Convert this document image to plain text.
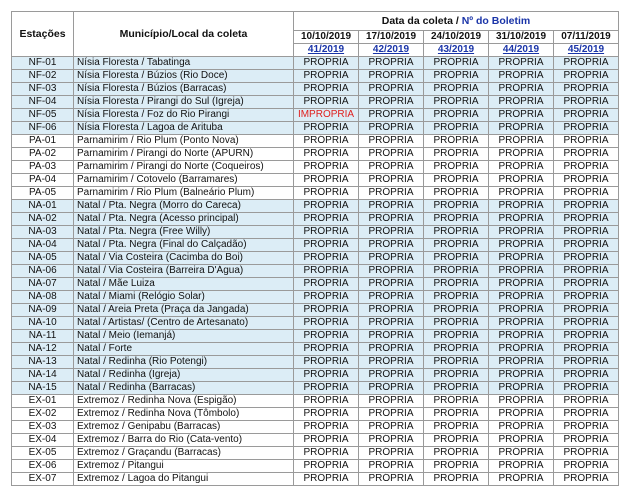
Estações	Município/Local da coleta	Data da coleta / Nº do Boletim				
		10/10/2019	17/10/2019	24/10/2019	31/10/2019	07/11/2019
		41/2019	42/2019	43/2019	44/2019	45/2019
NF-01	Nísia Floresta / Tabatinga	PRÓPRIA	PRÓPRIA	PRÓPRIA	PRÓPRIA	PRÓPRIA
NF-02	Nísia Floresta / Búzios (Rio Doce)	PRÓPRIA	PRÓPRIA	PRÓPRIA	PRÓPRIA	PRÓPRIA
NF-03	Nísia Floresta / Búzios (Barracas)	PRÓPRIA	PRÓPRIA	PRÓPRIA	PRÓPRIA	PRÓPRIA
NF-04	Nísia Floresta / Pirangi do Sul (Igreja)	PRÓPRIA	PRÓPRIA	PRÓPRIA	PRÓPRIA	PRÓPRIA
NF-05	Nísia Floresta / Foz do Rio Pirangi	IMPRÓPRIA	PRÓPRIA	PRÓPRIA	PRÓPRIA	PRÓPRIA
NF-06	Nísia Floresta / Lagoa de Arituba	PRÓPRIA	PRÓPRIA	PRÓPRIA	PRÓPRIA	PRÓPRIA
PA-01	Parnamirim / Rio Plum (Ponto Nova)	PRÓPRIA	PRÓPRIA	PRÓPRIA	PRÓPRIA	PRÓPRIA
PA-02	Parnamirim / Pirangi do Norte (APURN)	PRÓPRIA	PRÓPRIA	PRÓPRIA	PRÓPRIA	PRÓPRIA
PA-03	Parnamirim / Pirangi do Norte (Coqueiros)	PRÓPRIA	PRÓPRIA	PRÓPRIA	PRÓPRIA	PRÓPRIA
PA-04	Parnamirim / Cotovelo (Barramares)	PRÓPRIA	PRÓPRIA	PRÓPRIA	PRÓPRIA	PRÓPRIA
PA-05	Parnamirim / Rio Plum (Balneário Plum)	PRÓPRIA	PRÓPRIA	PRÓPRIA	PRÓPRIA	PRÓPRIA
NA-01	Natal / Pta. Negra (Morro do Careca)	PRÓPRIA	PRÓPRIA	PRÓPRIA	PRÓPRIA	PRÓPRIA
NA-02	Natal / Pta. Negra (Acesso principal)	PRÓPRIA	PRÓPRIA	PRÓPRIA	PRÓPRIA	PRÓPRIA
NA-03	Natal / Pta. Negra (Free Willy)	PRÓPRIA	PRÓPRIA	PRÓPRIA	PRÓPRIA	PRÓPRIA
NA-04	Natal / Pta. Negra (Final do Calçadão)	PRÓPRIA	PRÓPRIA	PRÓPRIA	PRÓPRIA	PRÓPRIA
NA-05	Natal / Via Costeira (Cacimba do Boi)	PRÓPRIA	PRÓPRIA	PRÓPRIA	PRÓPRIA	PRÓPRIA
NA-06	Natal / Via Costeira (Barreira D'Água)	PRÓPRIA	PRÓPRIA	PRÓPRIA	PRÓPRIA	PRÓPRIA
NA-07	Natal / Mãe Luiza	PRÓPRIA	PRÓPRIA	PRÓPRIA	PRÓPRIA	PRÓPRIA
NA-08	Natal / Miami (Relógio Solar)	PRÓPRIA	PRÓPRIA	PRÓPRIA	PRÓPRIA	PRÓPRIA
NA-09	Natal / Areia Preta (Praça da Jangada)	PRÓPRIA	PRÓPRIA	PRÓPRIA	PRÓPRIA	PRÓPRIA
NA-10	Natal / Artistas/ (Centro de Artesanato)	PRÓPRIA	PRÓPRIA	PRÓPRIA	PRÓPRIA	PRÓPRIA
NA-11	Natal / Meio (Iemanjá)	PRÓPRIA	PRÓPRIA	PRÓPRIA	PRÓPRIA	PRÓPRIA
NA-12	Natal / Forte	PRÓPRIA	PRÓPRIA	PRÓPRIA	PRÓPRIA	PRÓPRIA
NA-13	Natal / Redinha (Rio Potengi)	PRÓPRIA	PRÓPRIA	PRÓPRIA	PRÓPRIA	PRÓPRIA
NA-14	Natal / Redinha (Igreja)	PRÓPRIA	PRÓPRIA	PRÓPRIA	PRÓPRIA	PRÓPRIA
NA-15	Natal / Redinha (Barracas)	PRÓPRIA	PRÓPRIA	PRÓPRIA	PRÓPRIA	PRÓPRIA
EX-01	Extremoz / Redinha Nova (Espigão)	PRÓPRIA	PRÓPRIA	PRÓPRIA	PRÓPRIA	PRÓPRIA
EX-02	Extremoz / Redinha Nova (Tômbolo)	PRÓPRIA	PRÓPRIA	PRÓPRIA	PRÓPRIA	PRÓPRIA
EX-03	Extremoz / Genipabu (Barracas)	PRÓPRIA	PRÓPRIA	PRÓPRIA	PRÓPRIA	PRÓPRIA
EX-04	Extremoz / Barra do Rio (Cata-vento)	PRÓPRIA	PRÓPRIA	PRÓPRIA	PRÓPRIA	PRÓPRIA
EX-05	Extremoz / Graçandu (Barracas)	PRÓPRIA	PRÓPRIA	PRÓPRIA	PRÓPRIA	PRÓPRIA
EX-06	Extremoz / Pitangui	PRÓPRIA	PRÓPRIA	PRÓPRIA	PRÓPRIA	PRÓPRIA
EX-07	Extremoz / Lagoa do Pitangui	PRÓPRIA	PRÓPRIA	PRÓPRIA	PRÓPRIA	PRÓPRIA
